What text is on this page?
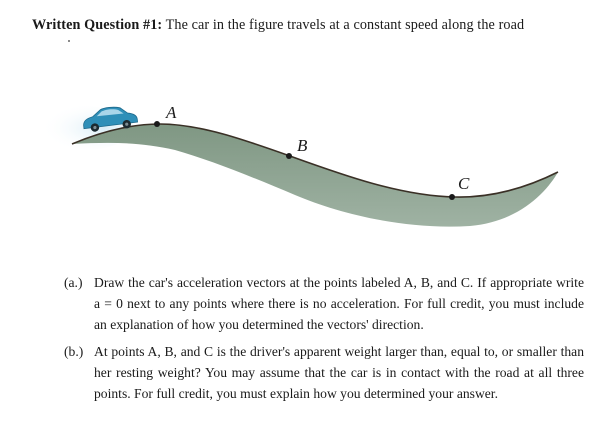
Written Question #1: The car in the figure travels at a constant speed along the road
A
B
C
(a.) Draw the car's acceleration vectors at the points labeled A, B, and C. If appropriate write a = 0 next to any points where there is no acceleration. For full credit, you must include an explanation of how you determined the vectors' direction.
(b.) At points A, B, and C is the driver's apparent weight larger than, equal to, or smaller than her resting weight? You may assume that the car is in contact with the road at all three points. For full credit, you must explain how you determined your answer.
